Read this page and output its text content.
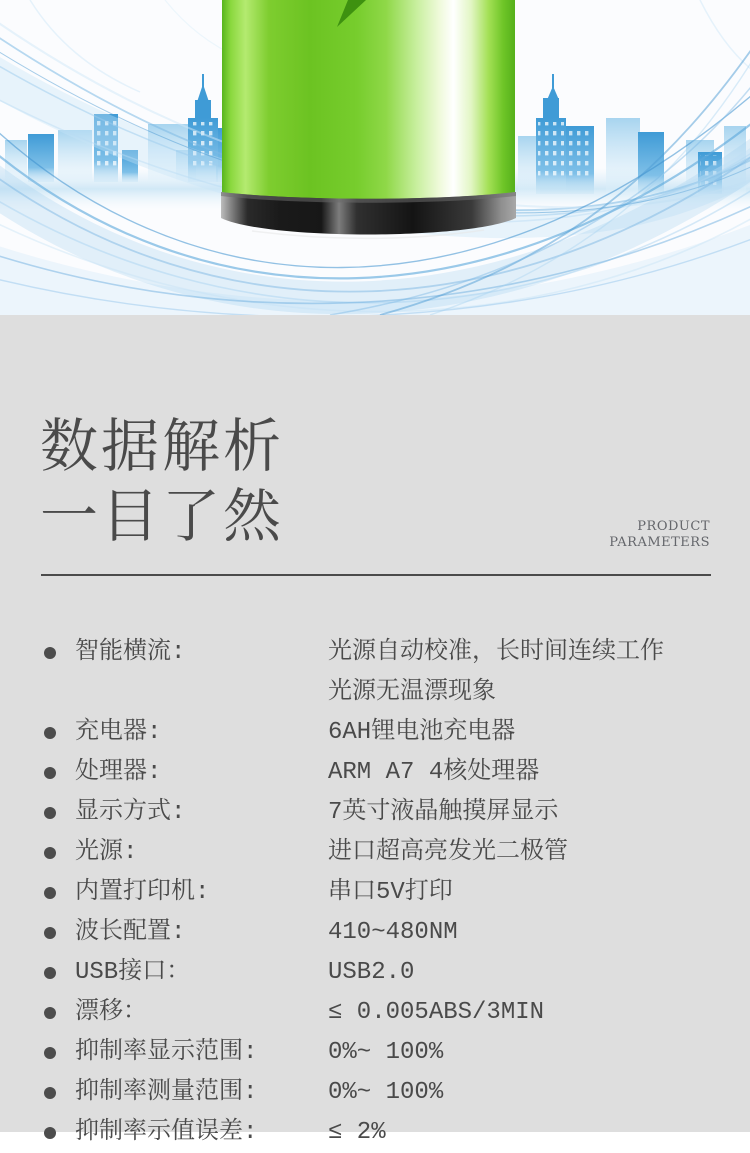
数据解析
一目了然	PRODUCT
PARAMETERS
智能横流:	光源自动校准，长时间连续工作
光源无温漂现象
充电器:	6AH锂电池充电器
处理器:	ARM A7 4核处理器
显示方式:	7英寸液晶触摸屏显示
光源:	进口超高亮发光二极管
内置打印机:	串口5V打印
波长配置:	410~480NM
USB接口：	USB2.0
漂移：	≤ 0.005ABS/3MIN
抑制率显示范围:	0%~ 100%
抑制率测量范围:	0%~ 100%
抑制率示值误差:	≤ 2%
